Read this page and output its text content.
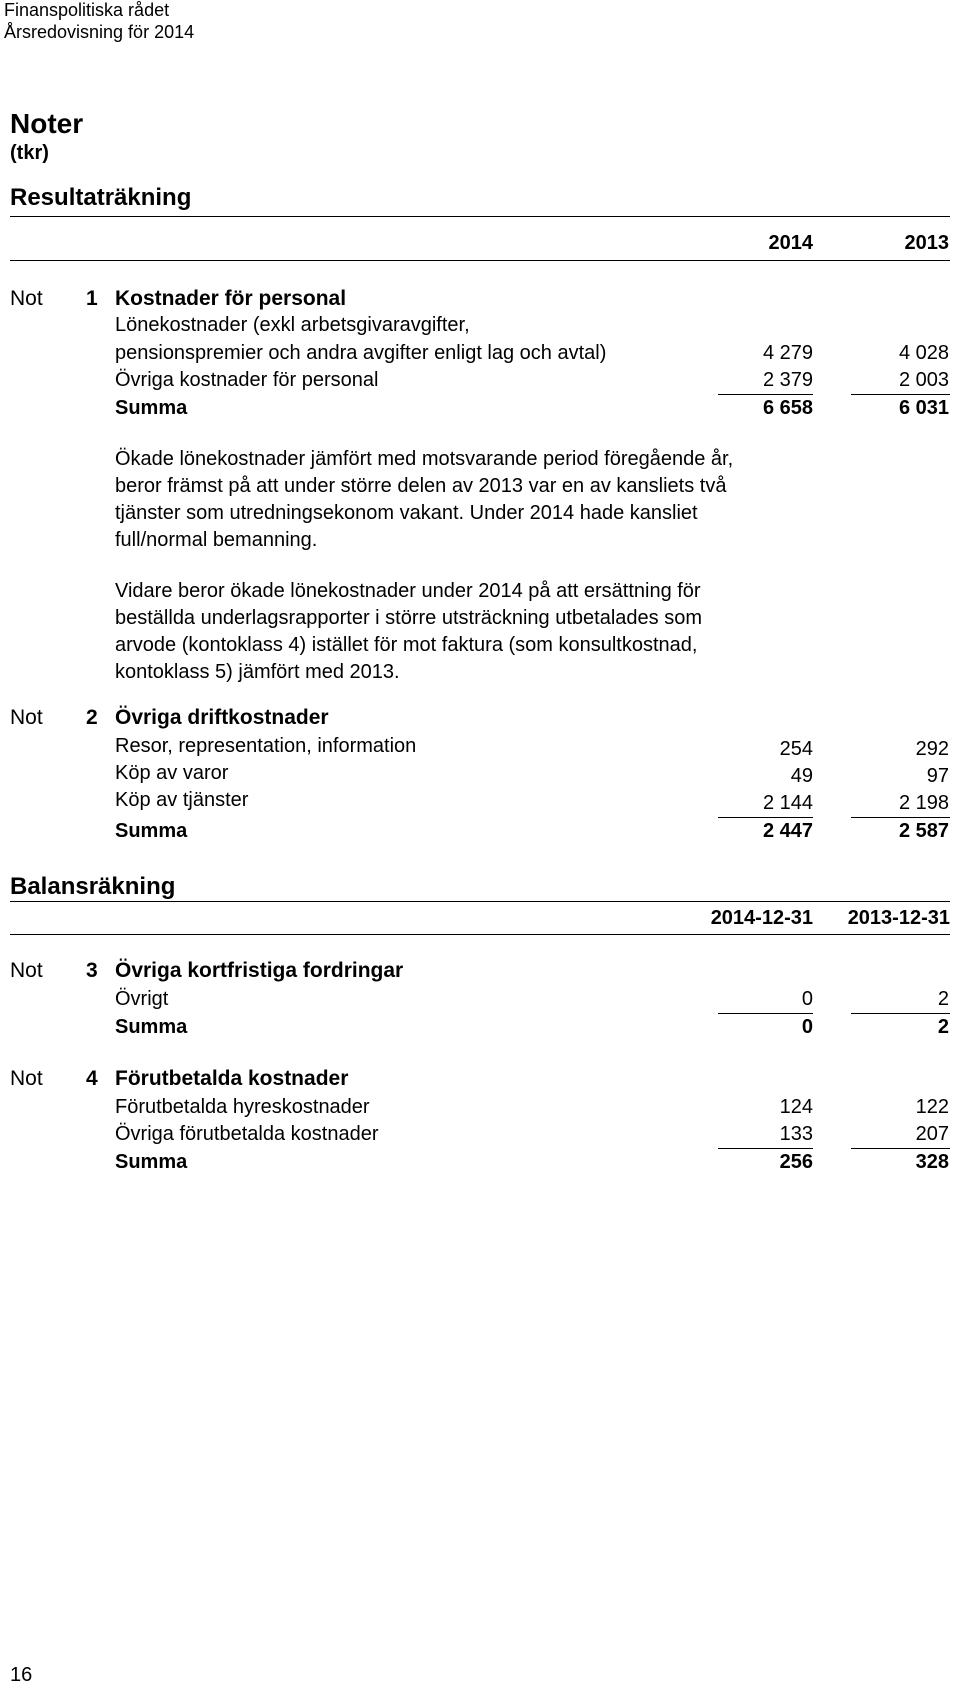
Finanspolitiska rådet
Årsredovisning för 2014
Noter
(tkr)
Resultaträkning
2014	2013
Not 1 Kostnader för personal
Lönekostnader (exkl arbetsgivaravgifter,
pensionspremier och andra avgifter enligt lag och avtal)	4 279	4 028
Övriga kostnader för personal	2 379	2 003
Summa	6 658	6 031
Ökade lönekostnader jämfört med motsvarande period föregående år,
beror främst på att under större delen av 2013 var en av kansliets två
tjänster som utredningsekonom vakant. Under 2014 hade kansliet
full/normal bemanning.
Vidare beror ökade lönekostnader under 2014 på att ersättning för
beställda underlagsrapporter i större utsträckning utbetalades som
arvode (kontoklass 4) istället för mot faktura (som konsultkostnad,
kontoklass 5) jämfört med 2013.
Not 2 Övriga driftkostnader
Resor, representation, information	254	292
Köp av varor	49	97
Köp av tjänster	2 144	2 198
Summa	2 447	2 587
Balansräkning
2014-12-31	2013-12-31
Not 3 Övriga kortfristiga fordringar
Övrigt	0	2
Summa	0	2
Not 4 Förutbetalda kostnader
Förutbetalda hyreskostnader	124	122
Övriga förutbetalda kostnader	133	207
Summa	256	328
16
